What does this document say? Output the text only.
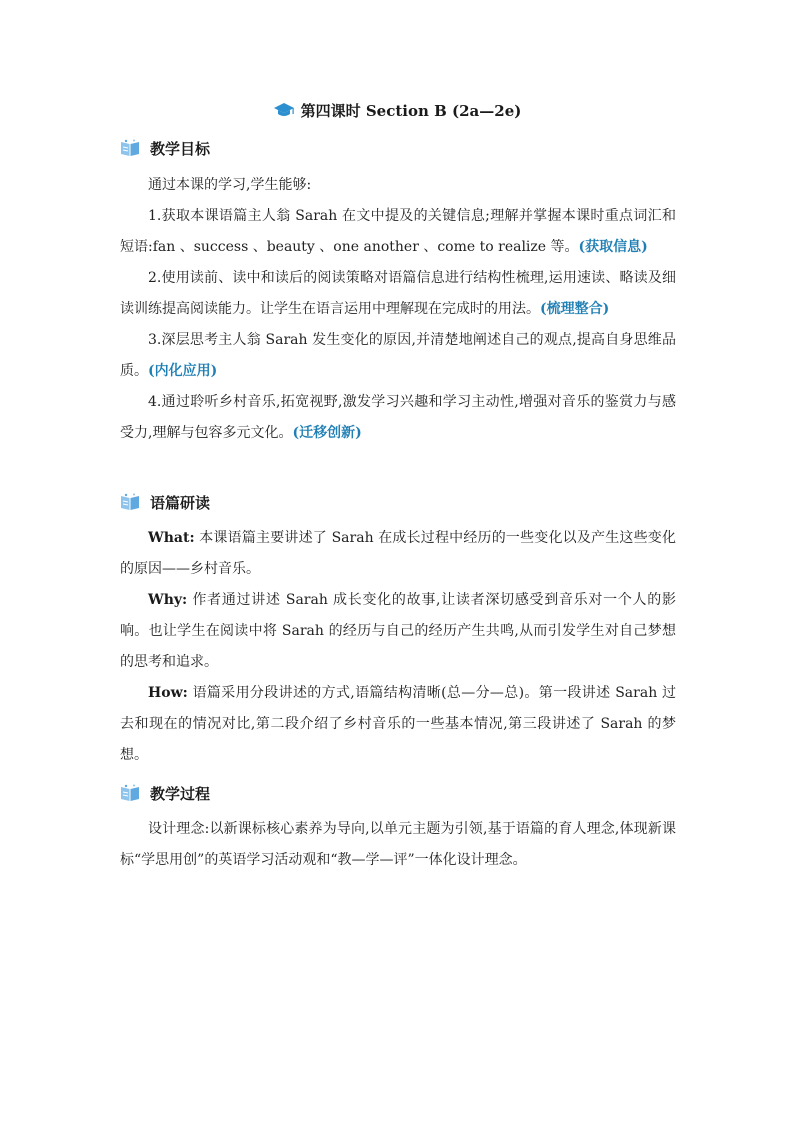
第四课时 Section B (2a—2e)
教学目标

通过本课的学习,学生能够:

1.获取本课语篇主人翁 Sarah 在文中提及的关键信息;理解并掌握本课时重点词汇和短语:fan 、success 、beauty 、one another 、come to realize 等。(获取信息)

2.使用读前、读中和读后的阅读策略对语篇信息进行结构性梳理,运用速读、略读及细读训练提高阅读能力。让学生在语言运用中理解现在完成时的用法。(梳理整合)

3.深层思考主人翁 Sarah 发生变化的原因,并清楚地阐述自己的观点,提高自身思维品质。(内化应用)

4.通过聆听乡村音乐,拓宽视野,激发学习兴趣和学习主动性,增强对音乐的鉴赏力与感受力,理解与包容多元文化。(迁移创新)

语篇研读

What: 本课语篇主要讲述了 Sarah 在成长过程中经历的一些变化以及产生这些变化的原因——乡村音乐。

Why: 作者通过讲述 Sarah 成长变化的故事,让读者深切感受到音乐对一个人的影响。也让学生在阅读中将 Sarah 的经历与自己的经历产生共鸣,从而引发学生对自己梦想的思考和追求。

How: 语篇采用分段讲述的方式,语篇结构清晰(总—分—总)。第一段讲述 Sarah 过去和现在的情况对比,第二段介绍了乡村音乐的一些基本情况,第三段讲述了 Sarah 的梦想。

教学过程

设计理念:以新课标核心素养为导向,以单元主题为引领,基于语篇的育人理念,体现新课标“学思用创”的英语学习活动观和“教—学—评”一体化设计理念。
